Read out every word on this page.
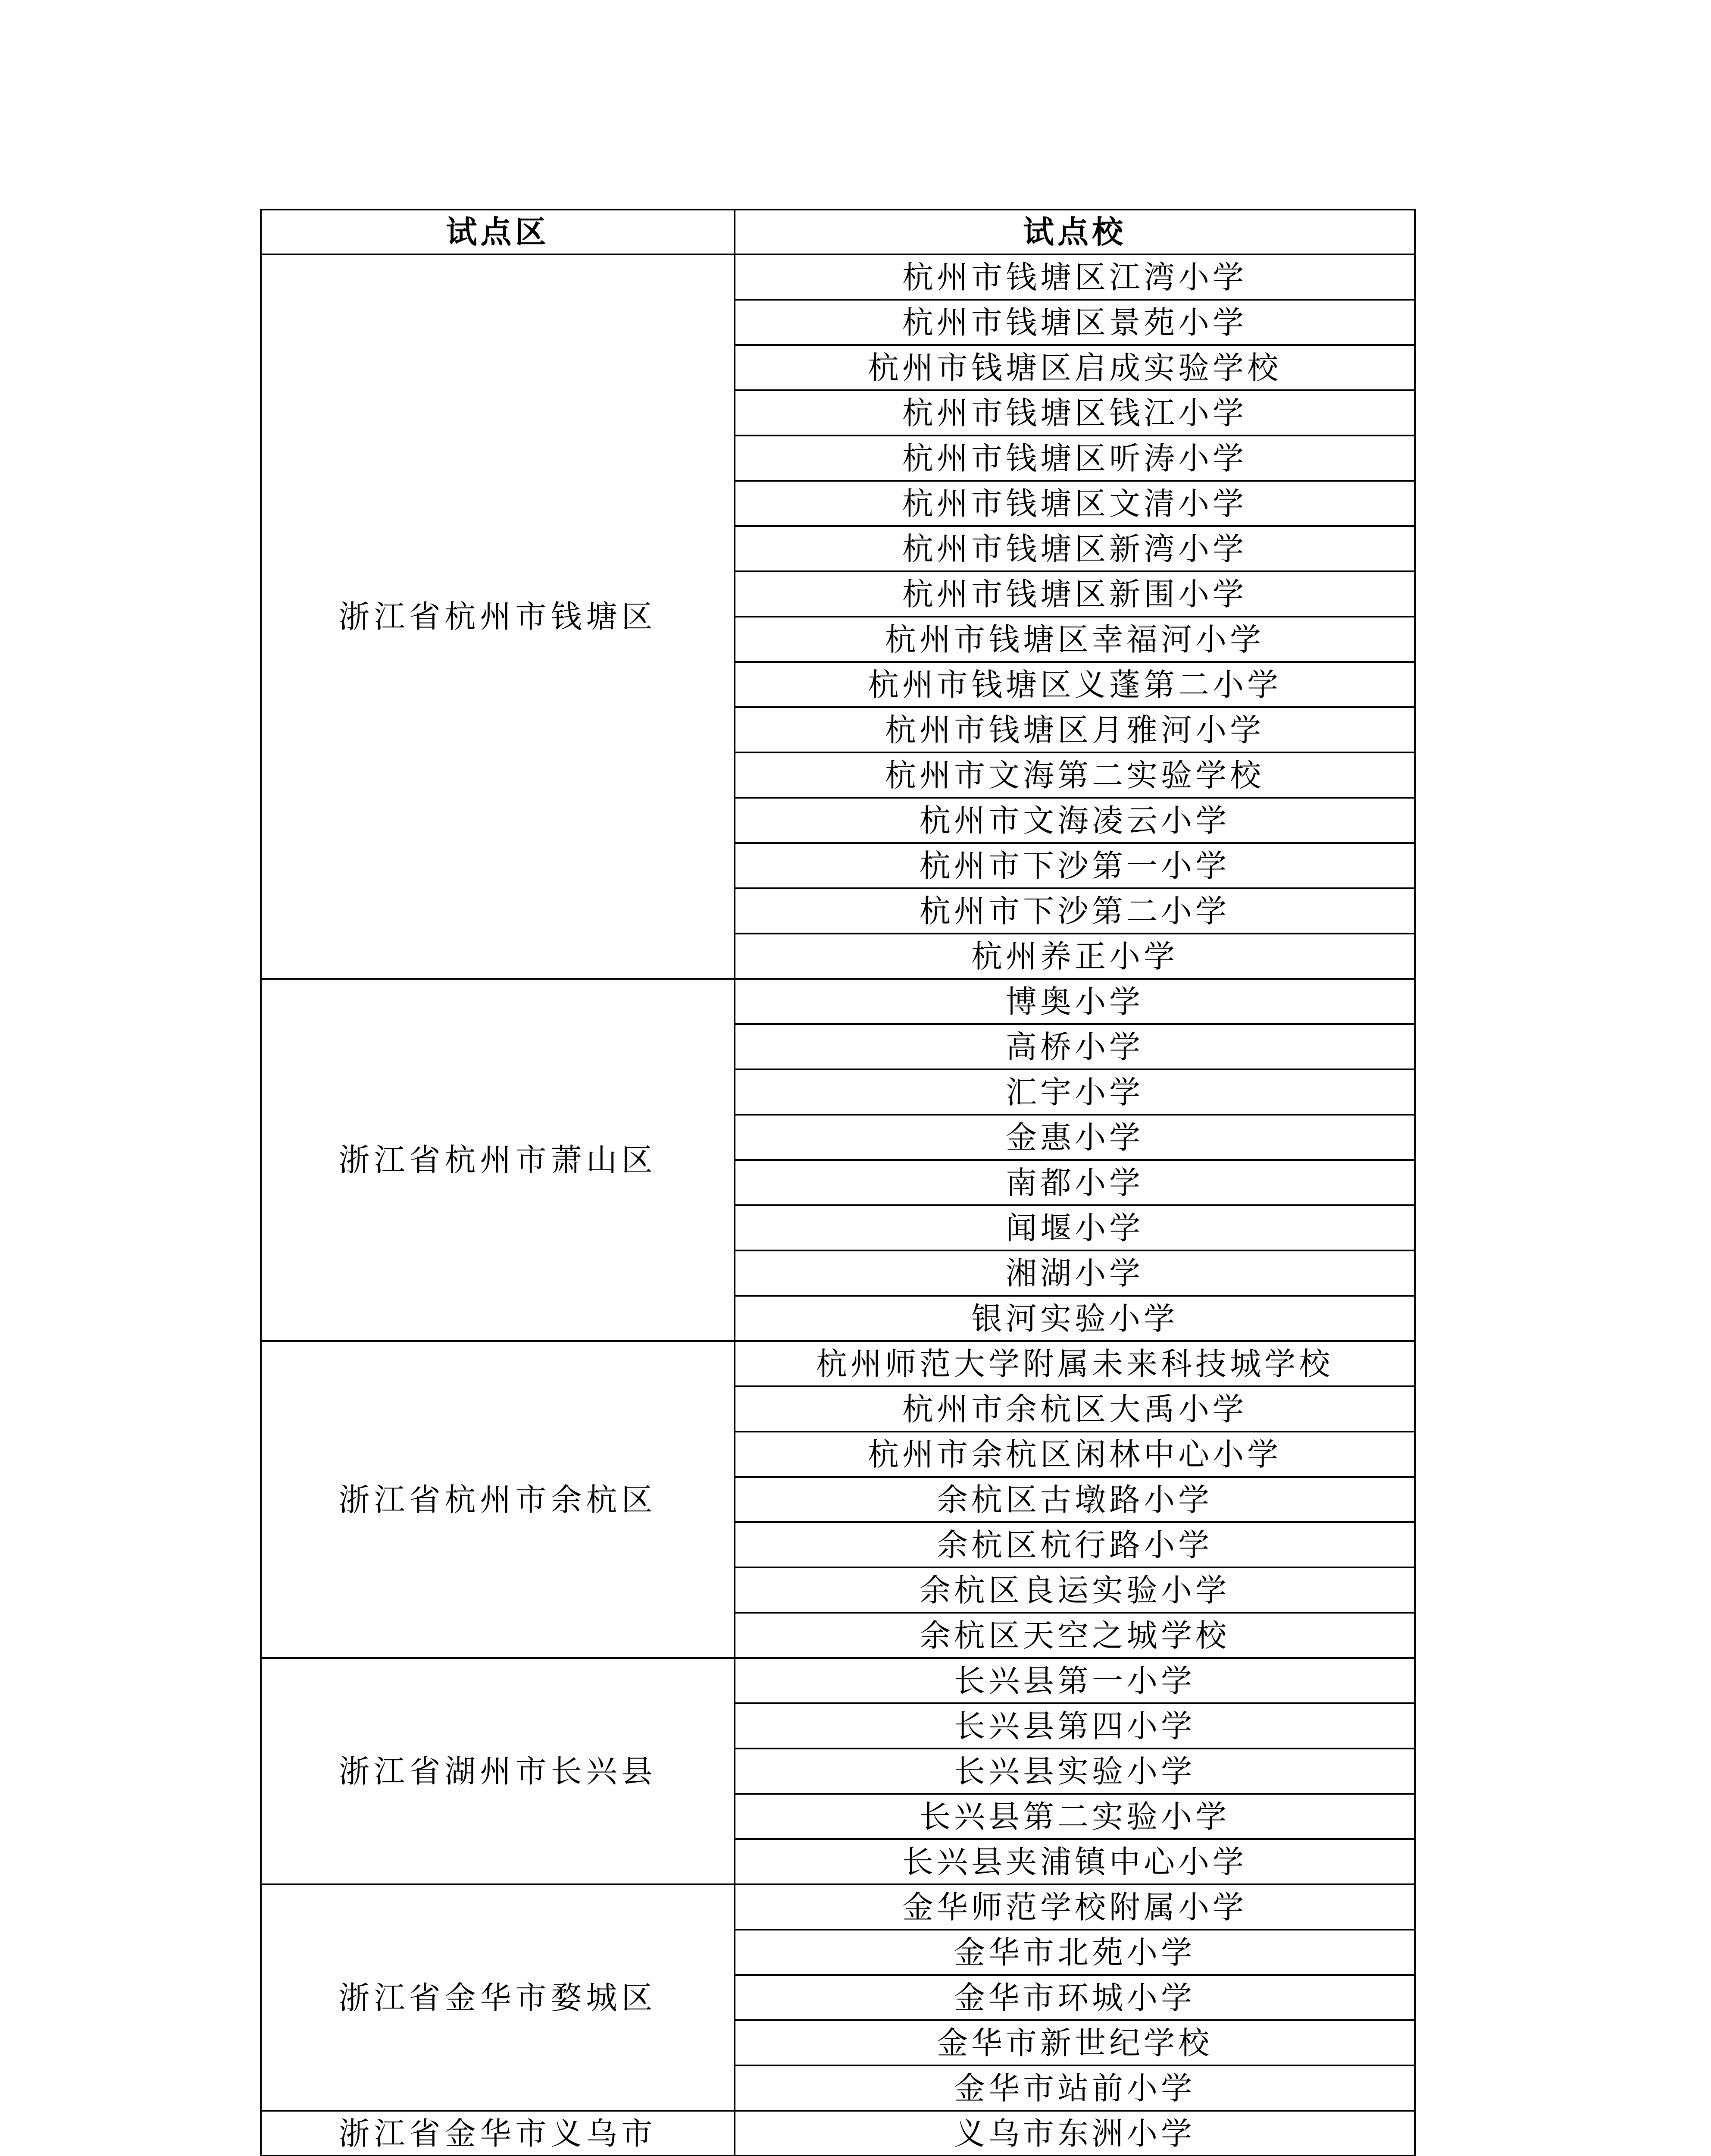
试点区	试点校
浙江省杭州市钱塘区	杭州市钱塘区江湾小学
	杭州市钱塘区景苑小学
	杭州市钱塘区启成实验学校
	杭州市钱塘区钱江小学
	杭州市钱塘区听涛小学
	杭州市钱塘区文清小学
	杭州市钱塘区新湾小学
	杭州市钱塘区新围小学
	杭州市钱塘区幸福河小学
	杭州市钱塘区义蓬第二小学
	杭州市钱塘区月雅河小学
	杭州市文海第二实验学校
	杭州市文海凌云小学
	杭州市下沙第一小学
	杭州市下沙第二小学
	杭州养正小学
浙江省杭州市萧山区	博奥小学
	高桥小学
	汇宇小学
	金惠小学
	南都小学
	闻堰小学
	湘湖小学
	银河实验小学
浙江省杭州市余杭区	杭州师范大学附属未来科技城学校
	杭州市余杭区大禹小学
	杭州市余杭区闲林中心小学
	余杭区古墩路小学
	余杭区杭行路小学
	余杭区良运实验小学
	余杭区天空之城学校
浙江省湖州市长兴县	长兴县第一小学
	长兴县第四小学
	长兴县实验小学
	长兴县第二实验小学
	长兴县夹浦镇中心小学
浙江省金华市婺城区	金华师范学校附属小学
	金华市北苑小学
	金华市环城小学
	金华市新世纪学校
	金华市站前小学
浙江省金华市义乌市	义乌市东洲小学
